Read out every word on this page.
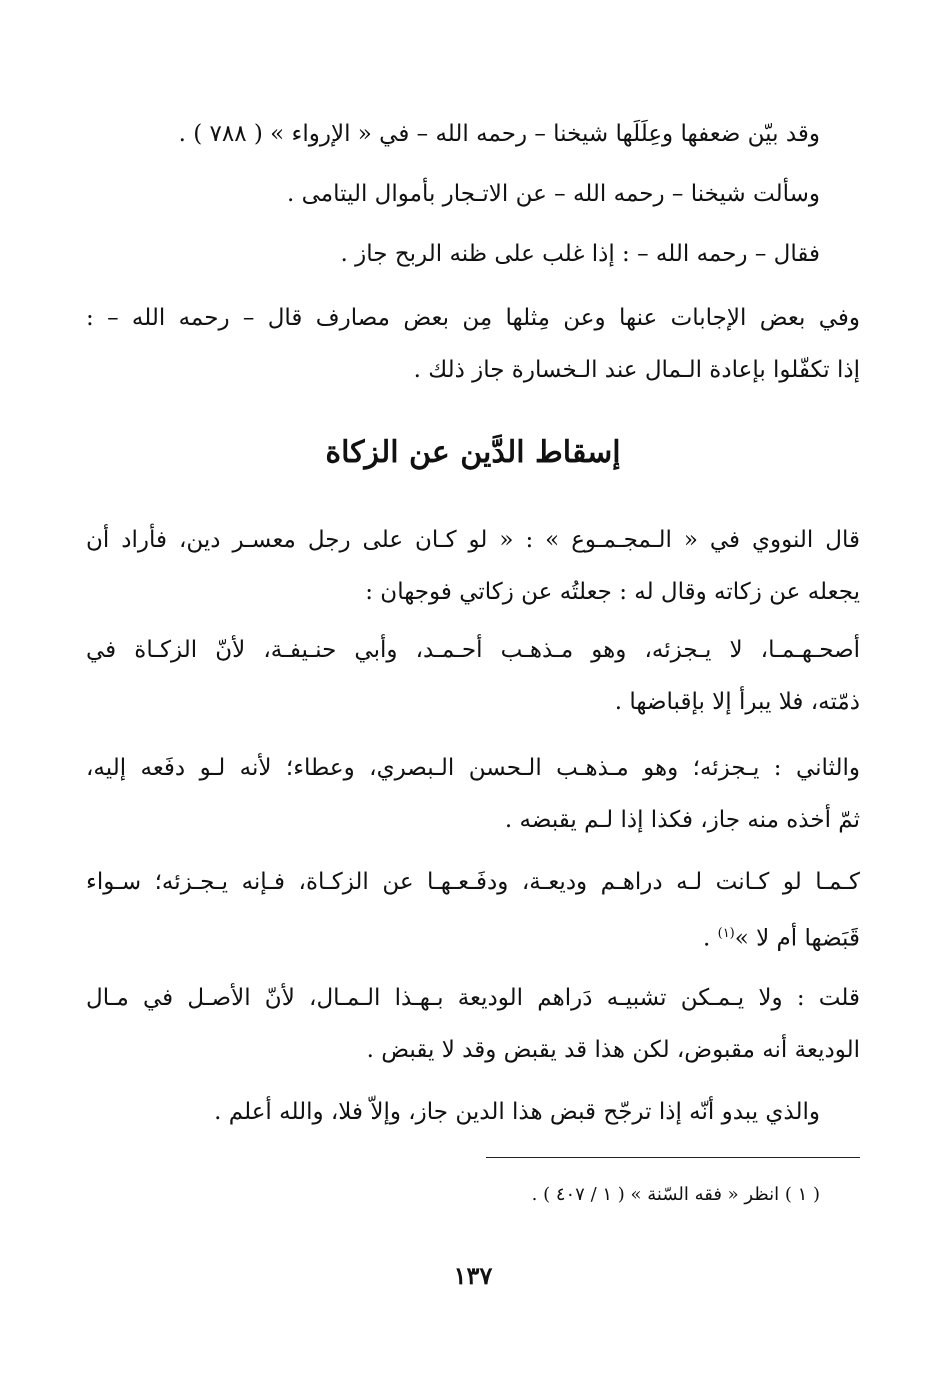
وقد بيّن ضعفها وعِلَلَها شيخنا – رحمه الله – في « الإرواء » ( ٧٨٨ ) .
وسألت شيخنا – رحمه الله – عن الاتـجار بأموال اليتامى .
فقال – رحمه الله – : إذا غلب على ظنه الربح جاز .
وفي بعض الإجابات عنها وعن مِثلها مِن بعض مصارف قال – رحمه الله – :
إذا تكفّلوا بإعادة الـمال عند الـخسارة جاز ذلك .
إسقاط الدَّين عن الزكاة
قال النووي في « الـمجـمـوع » : « لو كـان على رجل معسـر دين، فأراد أن
يجعله عن زكاته وقال له : جعلتُه عن زكاتي فوجهان :
أصحـهـمـا، لا يـجزئه، وهو مـذهـب أحـمـد، وأبي حنـيفـة، لأنّ الزكـاة في
ذمّته، فلا يبرأ إلا بإقباضها .
والثاني : يـجزئه؛ وهو مـذهـب الـحسن الـبصري، وعطاء؛ لأنه لـو دفَعه إليه،
ثمّ أخذه منه جاز، فكذا إذا لـم يقبضه .
كـمـا لو كـانت لـه دراهـم وديعـة، ودفَـعـهـا عن الزكـاة، فـإنه يـجـزئه؛ سـواء
قَبَضها أم لا »$^{(١)}$ .
قلت : ولا يـمـكن تشبيـه دَراهم الوديعة بـهـذا الـمـال، لأنّ الأصـل في مـال
الوديعة أنه مقبوض، لكن هذا قد يقبض وقد لا يقبض .
والذي يبدو أنّه إذا ترجّح قبض هذا الدين جاز، وإلاّ فلا، والله أعلم .
( ١ ) انظر « فقه السّنة » ( ١ / ٤٠٧ ) .
١٣٧
